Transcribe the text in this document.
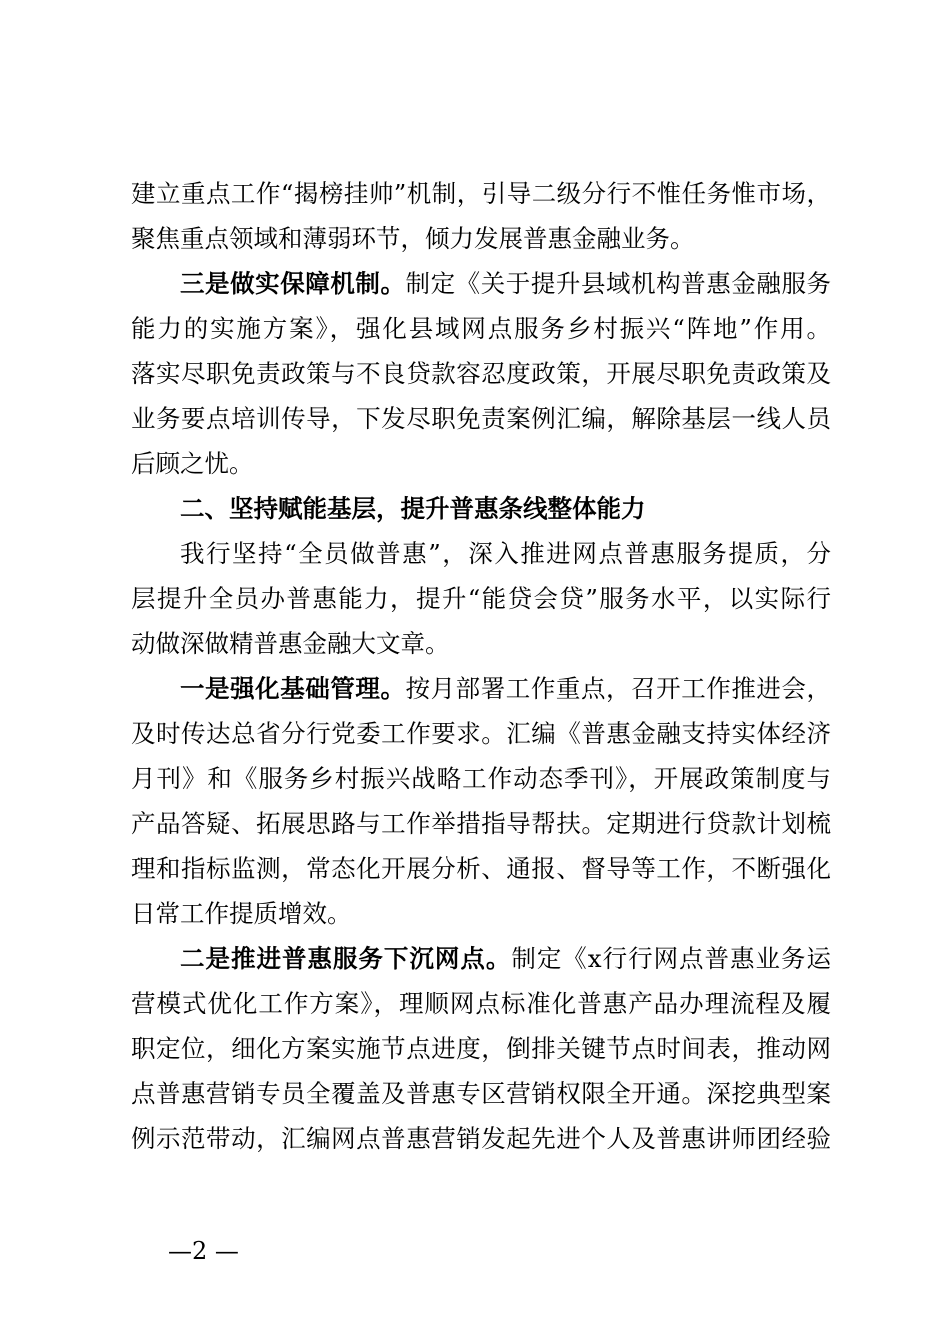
建立重点工作“揭榜挂帅”机制，引导二级分行不惟任务惟市场，
聚焦重点领域和薄弱环节，倾力发展普惠金融业务。
三是做实保障机制。制定《关于提升县域机构普惠金融服务
能力的实施方案》，强化县域网点服务乡村振兴“阵地”作用。
落实尽职免责政策与不良贷款容忍度政策，开展尽职免责政策及
业务要点培训传导，下发尽职免责案例汇编，解除基层一线人员
后顾之忧。
二、坚持赋能基层，提升普惠条线整体能力
我行坚持“全员做普惠”，深入推进网点普惠服务提质，分
层提升全员办普惠能力，提升“能贷会贷”服务水平，以实际行
动做深做精普惠金融大文章。
一是强化基础管理。按月部署工作重点，召开工作推进会，
及时传达总省分行党委工作要求。汇编《普惠金融支持实体经济
月刊》和《服务乡村振兴战略工作动态季刊》，开展政策制度与
产品答疑、拓展思路与工作举措指导帮扶。定期进行贷款计划梳
理和指标监测，常态化开展分析、通报、督导等工作，不断强化
日常工作提质增效。
二是推进普惠服务下沉网点。制定《x行行网点普惠业务运
营模式优化工作方案》，理顺网点标准化普惠产品办理流程及履
职定位，细化方案实施节点进度，倒排关键节点时间表，推动网
点普惠营销专员全覆盖及普惠专区营销权限全开通。深挖典型案
例示范带动，汇编网点普惠营销发起先进个人及普惠讲师团经验
—2 —
